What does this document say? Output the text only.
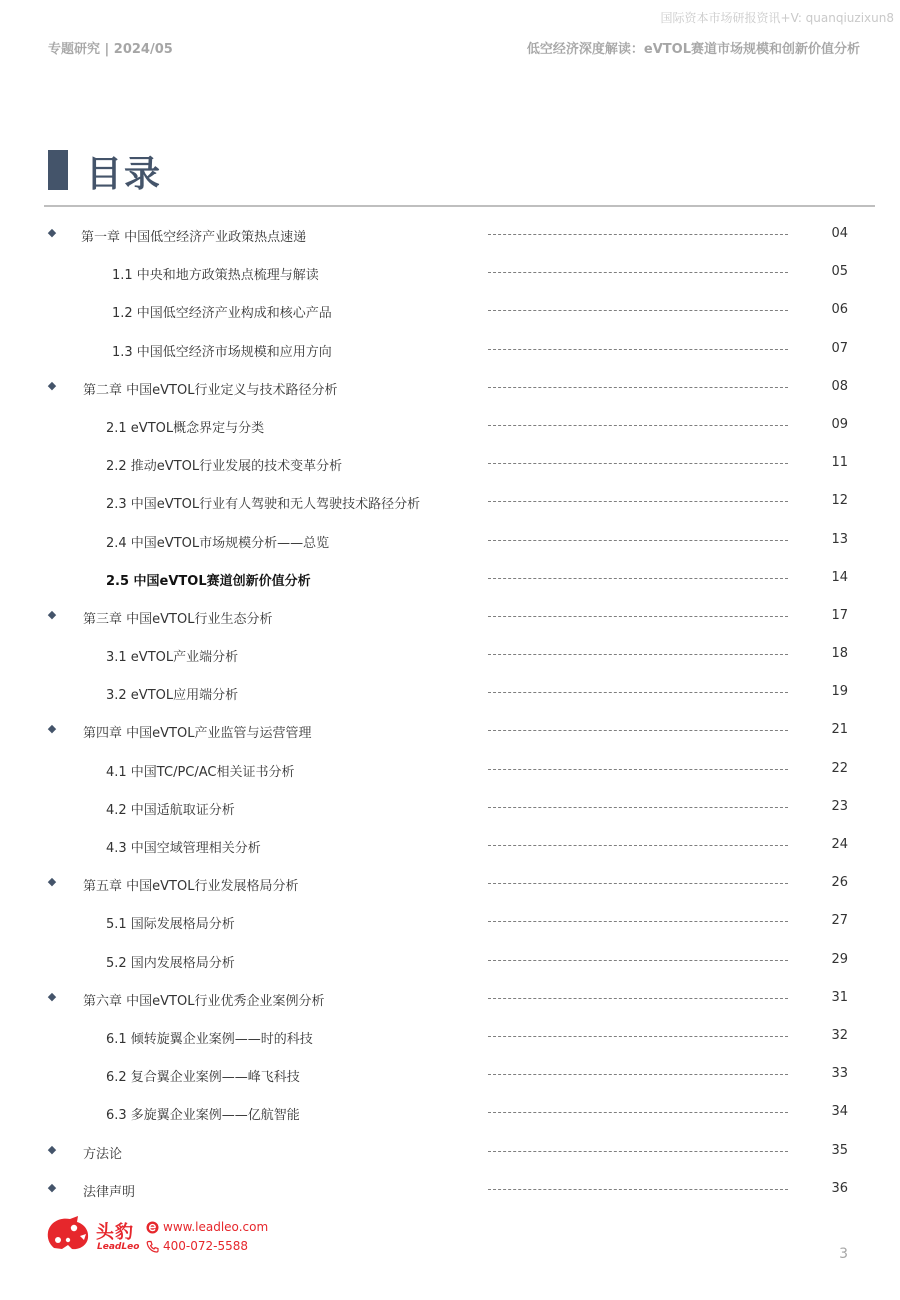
国际资本市场研报资讯+V: quanqiuzixun8
专题研究 | 2024/05	低空经济深度解读：eVTOL赛道市场规模和创新价值分析
目录
◆ 第一章 中国低空经济产业政策热点速递	04
1.1 中央和地方政策热点梳理与解读	05
1.2 中国低空经济产业构成和核心产品	06
1.3 中国低空经济市场规模和应用方向	07
◆ 第二章 中国eVTOL行业定义与技术路径分析	08
2.1 eVTOL概念界定与分类	09
2.2 推动eVTOL行业发展的技术变革分析	11
2.3 中国eVTOL行业有人驾驶和无人驾驶技术路径分析	12
2.4 中国eVTOL市场规模分析——总览	13
2.5 中国eVTOL赛道创新价值分析	14
◆ 第三章 中国eVTOL行业生态分析	17
3.1 eVTOL产业端分析	18
3.2 eVTOL应用端分析	19
◆ 第四章 中国eVTOL产业监管与运营管理	21
4.1 中国TC/PC/AC相关证书分析	22
4.2 中国适航取证分析	23
4.3 中国空域管理相关分析	24
◆ 第五章 中国eVTOL行业发展格局分析	26
5.1 国际发展格局分析	27
5.2 国内发展格局分析	29
◆ 第六章 中国eVTOL行业优秀企业案例分析	31
6.1 倾转旋翼企业案例——时的科技	32
6.2 复合翼企业案例——峰飞科技	33
6.3 多旋翼企业案例——亿航智能	34
◆ 方法论	35
◆ 法律声明	36
头豹
LeadLeo
www.leadleo.com
400-072-5588	3
